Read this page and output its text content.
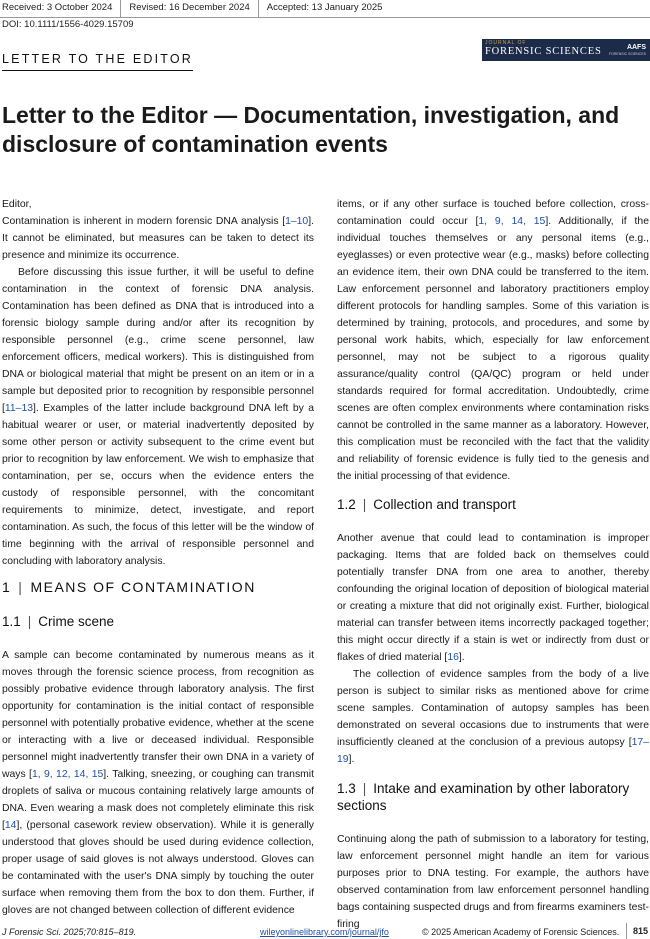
Received: 3 October 2024	Revised: 16 December 2024	Accepted: 13 January 2025
DOI: 10.1111/1556-4029.15709
LETTER TO THE EDITOR
JOURNAL OF
FORENSIC SCIENCES	AAFS
FORENSIC SCIENCES
Letter to the Editor — Documentation, investigation, and disclosure of contamination events

Editor,

Contamination is inherent in modern forensic DNA analysis [1–10]. It cannot be eliminated, but measures can be taken to detect its presence and minimize its occurrence.

Before discussing this issue further, it will be useful to define contamination in the context of forensic DNA analysis. Contamination has been defined as DNA that is introduced into a forensic biology sample during and/or after its recognition by responsible personnel (e.g., crime scene personnel, law enforcement officers, medical workers). This is distinguished from DNA or biological material that might be present on an item or in a sample but deposited prior to recognition by responsible personnel [11–13]. Examples of the latter include background DNA left by a habitual wearer or user, or material inadvertently deposited by some other person or activity subsequent to the crime event but prior to recognition by law enforcement. We wish to emphasize that contamination, per se, occurs when the evidence enters the custody of responsible personnel, with the concomitant requirements to minimize, detect, investigate, and report contamination. As such, the focus of this letter will be the window of time beginning with the arrival of responsible personnel and concluding with laboratory analysis.

1 | MEANS OF CONTAMINATION
1.1 | Crime scene

A sample can become contaminated by numerous means as it moves through the forensic science process, from recognition as possibly probative evidence through laboratory analysis. The first opportunity for contamination is the initial contact of responsible personnel with potentially probative evidence, whether at the scene or interacting with a live or deceased individual. Responsible personnel might inadvertently transfer their own DNA in a variety of ways [1, 9, 12, 14, 15]. Talking, sneezing, or coughing can transmit droplets of saliva or mucous containing relatively large amounts of DNA. Even wearing a mask does not completely eliminate this risk [14], (personal casework review observation). While it is generally understood that gloves should be used during evidence collection, proper usage of said gloves is not always understood. Gloves can be contaminated with the user's DNA simply by touching the outer surface when removing them from the box to don them. Further, if gloves are not changed between collection of different evidence

items, or if any other surface is touched before collection, cross-contamination could occur [1, 9, 14, 15]. Additionally, if the individual touches themselves or any personal items (e.g., eyeglasses) or even protective wear (e.g., masks) before collecting an evidence item, their own DNA could be transferred to the item. Law enforcement personnel and laboratory practitioners employ different protocols for handling samples. Some of this variation is determined by training, protocols, and procedures, and some by personal work habits, which, especially for law enforcement personnel, may not be subject to a rigorous quality assurance/quality control (QA/QC) program or held under standards required for formal accreditation. Undoubtedly, crime scenes are often complex environments where contamination risks cannot be controlled in the same manner as a laboratory. However, this complication must be reconciled with the fact that the validity and reliability of forensic evidence is fully tied to the genesis and the initial processing of that evidence.

1.2 | Collection and transport

Another avenue that could lead to contamination is improper packaging. Items that are folded back on themselves could potentially transfer DNA from one area to another, thereby confounding the original location of deposition of biological material or creating a mixture that did not originally exist. Further, biological material can transfer between items incorrectly packaged together; this might occur directly if a stain is wet or indirectly from dust or flakes of dried material [16].

The collection of evidence samples from the body of a live person is subject to similar risks as mentioned above for crime scene samples. Contamination of autopsy samples has been demonstrated on several occasions due to instruments that were insufficiently cleaned at the conclusion of a previous autopsy [17–19].

1.3 | Intake and examination by other laboratory sections

Continuing along the path of submission to a laboratory for testing, law enforcement personnel might handle an item for various purposes prior to DNA testing. For example, the authors have observed contamination from law enforcement personnel handling bags containing suspected drugs and from firearms examiners test-firing

J Forensic Sci. 2025;70:815–819.	wileyonlinelibrary.com/journal/jfo	© 2025 American Academy of Forensic Sciences.	815
